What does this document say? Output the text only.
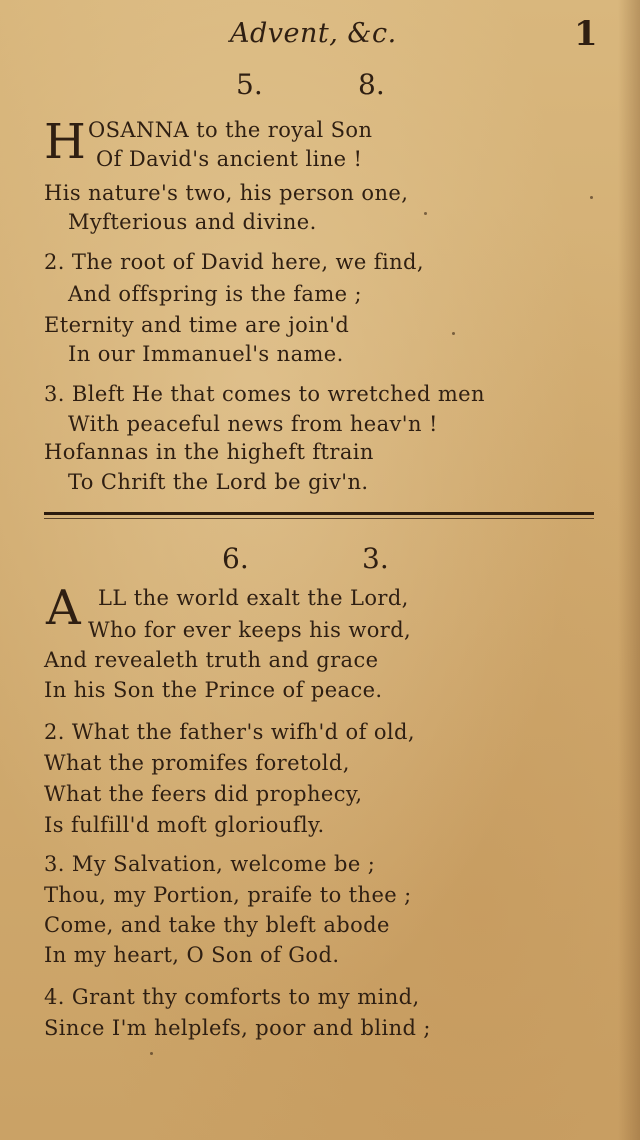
Advent, &c.	1
5.	8.
H OSANNA to the royal Son
Of David's ancient line !
His nature's two, his person one,
Myfterious and divine.
2. The root of David here, we find,
And offspring is the fame ;
Eternity and time are join'd
In our Immanuel's name.
3. Bleft He that comes to wretched men
With peaceful news from heav'n !
Hofannas in the higheft ftrain
To Chrift the Lord be giv'n.
6.	3.
A LL the world exalt the Lord,
Who for ever keeps his word,
And revealeth truth and grace
In his Son the Prince of peace.
2. What the father's wifh'd of old,
What the promifes foretold,
What the feers did prophecy,
Is fulfill'd moft glorioufly.
3. My Salvation, welcome be ;
Thou, my Portion, praife to thee ;
Come, and take thy bleft abode
In my heart, O Son of God.
4. Grant thy comforts to my mind,
Since I'm helplefs, poor and blind ;
